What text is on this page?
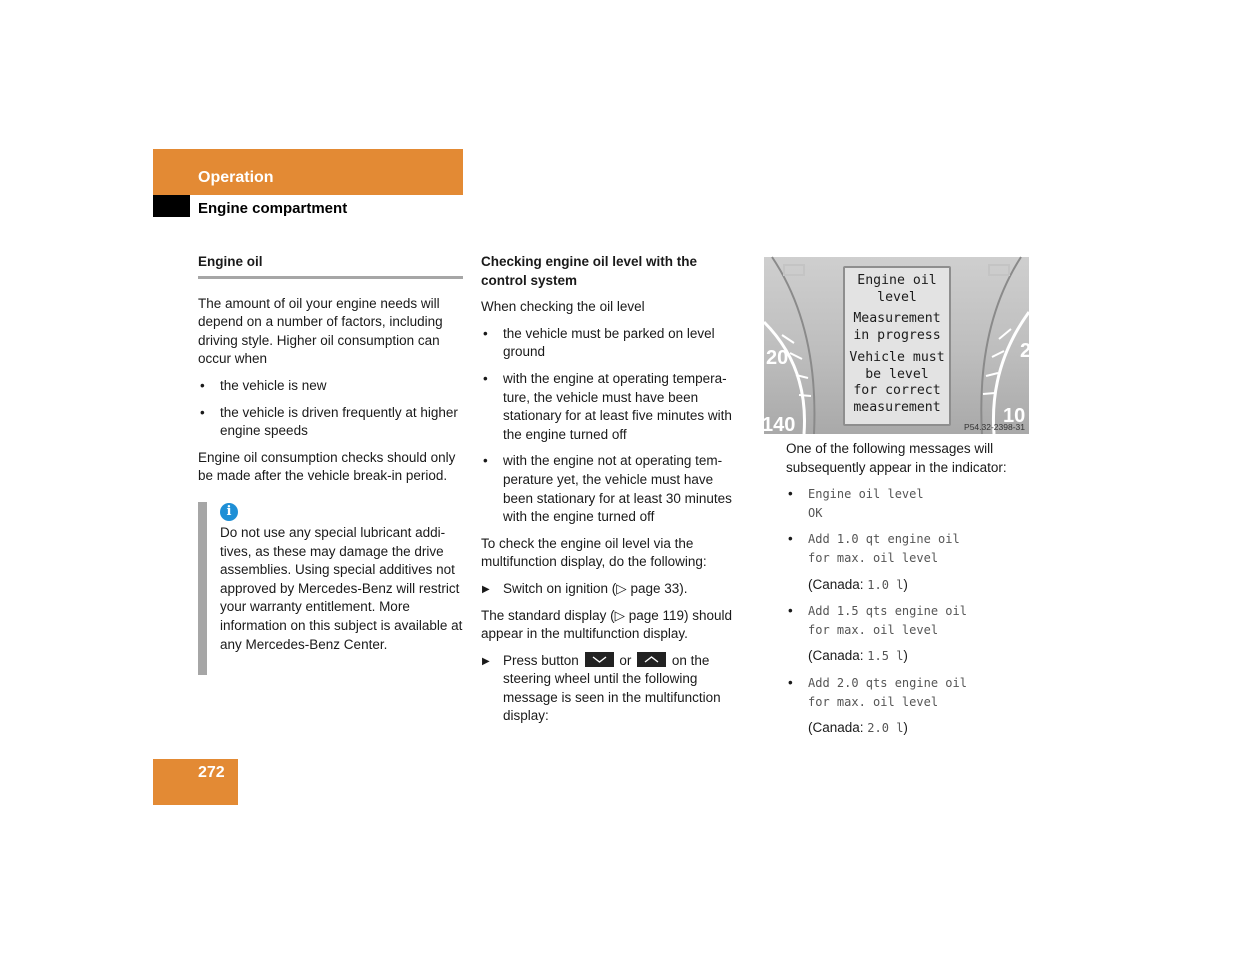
Operation
Engine compartment
Engine oil

The amount of oil your engine needs will depend on a number of factors, including driving style. Higher oil consumption can occur when

• the vehicle is new
• the vehicle is driven frequently at higher engine speeds

Engine oil consumption checks should only be made after the vehicle break-in period.

i
Do not use any special lubricant addi-tives, as these may damage the drive assemblies. Using special additives not approved by Mercedes-Benz will restrict your warranty entitlement. More information on this subject is available at any Mercedes-Benz Center.
Checking engine oil level with the control system

When checking the oil level

• the vehicle must be parked on level ground
• with the engine at operating tempera-ture, the vehicle must have been stationary for at least five minutes with the engine turned off
• with the engine not at operating tem-perature yet, the vehicle must have been stationary for at least 30 minutes with the engine turned off

To check the engine oil level via the multifunction display, do the following:

▶ Switch on ignition (▷ page 33).

The standard display (▷ page 119) should appear in the multifunction display.

▶ Press button	or	on the steering wheel until the following message is seen in the multifunction display:
20
140
2
10
Engine oil
level
Measurement
in progress
Vehicle must
be level
for correct
measurement
P54.32-2398-31

One of the following messages will subsequently appear in the indicator:

• Engine oil level
OK
• Add 1.0 qt engine oil
for max. oil level
(Canada: 1.0 l)
• Add 1.5 qts engine oil
for max. oil level
(Canada: 1.5 l)
• Add 2.0 qts engine oil
for max. oil level
(Canada: 2.0 l)
272
